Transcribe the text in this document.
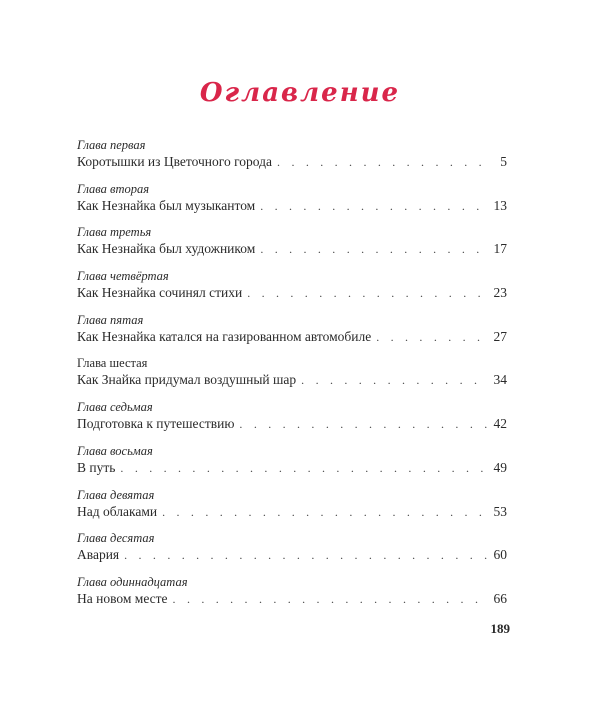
Оглавление
Глава первая
Коротышки из Цветочного города . . .	5
Глава вторая
Как Незнайка был музыкантом . . .	13
Глава третья
Как Незнайка был художником . . .	17
Глава четвёртая
Как Незнайка сочинял стихи . . .	23
Глава пятая
Как Незнайка катался на газированном автомобиле . . .	27
Глава шестая
Как Знайка придумал воздушный шар . . .	34
Глава седьмая
Подготовка к путешествию . . .	42
Глава восьмая
В путь . . .	49
Глава девятая
Над облаками . . .	53
Глава десятая
Авария . . .	60
Глава одиннадцатая
На новом месте . . .	66
189
